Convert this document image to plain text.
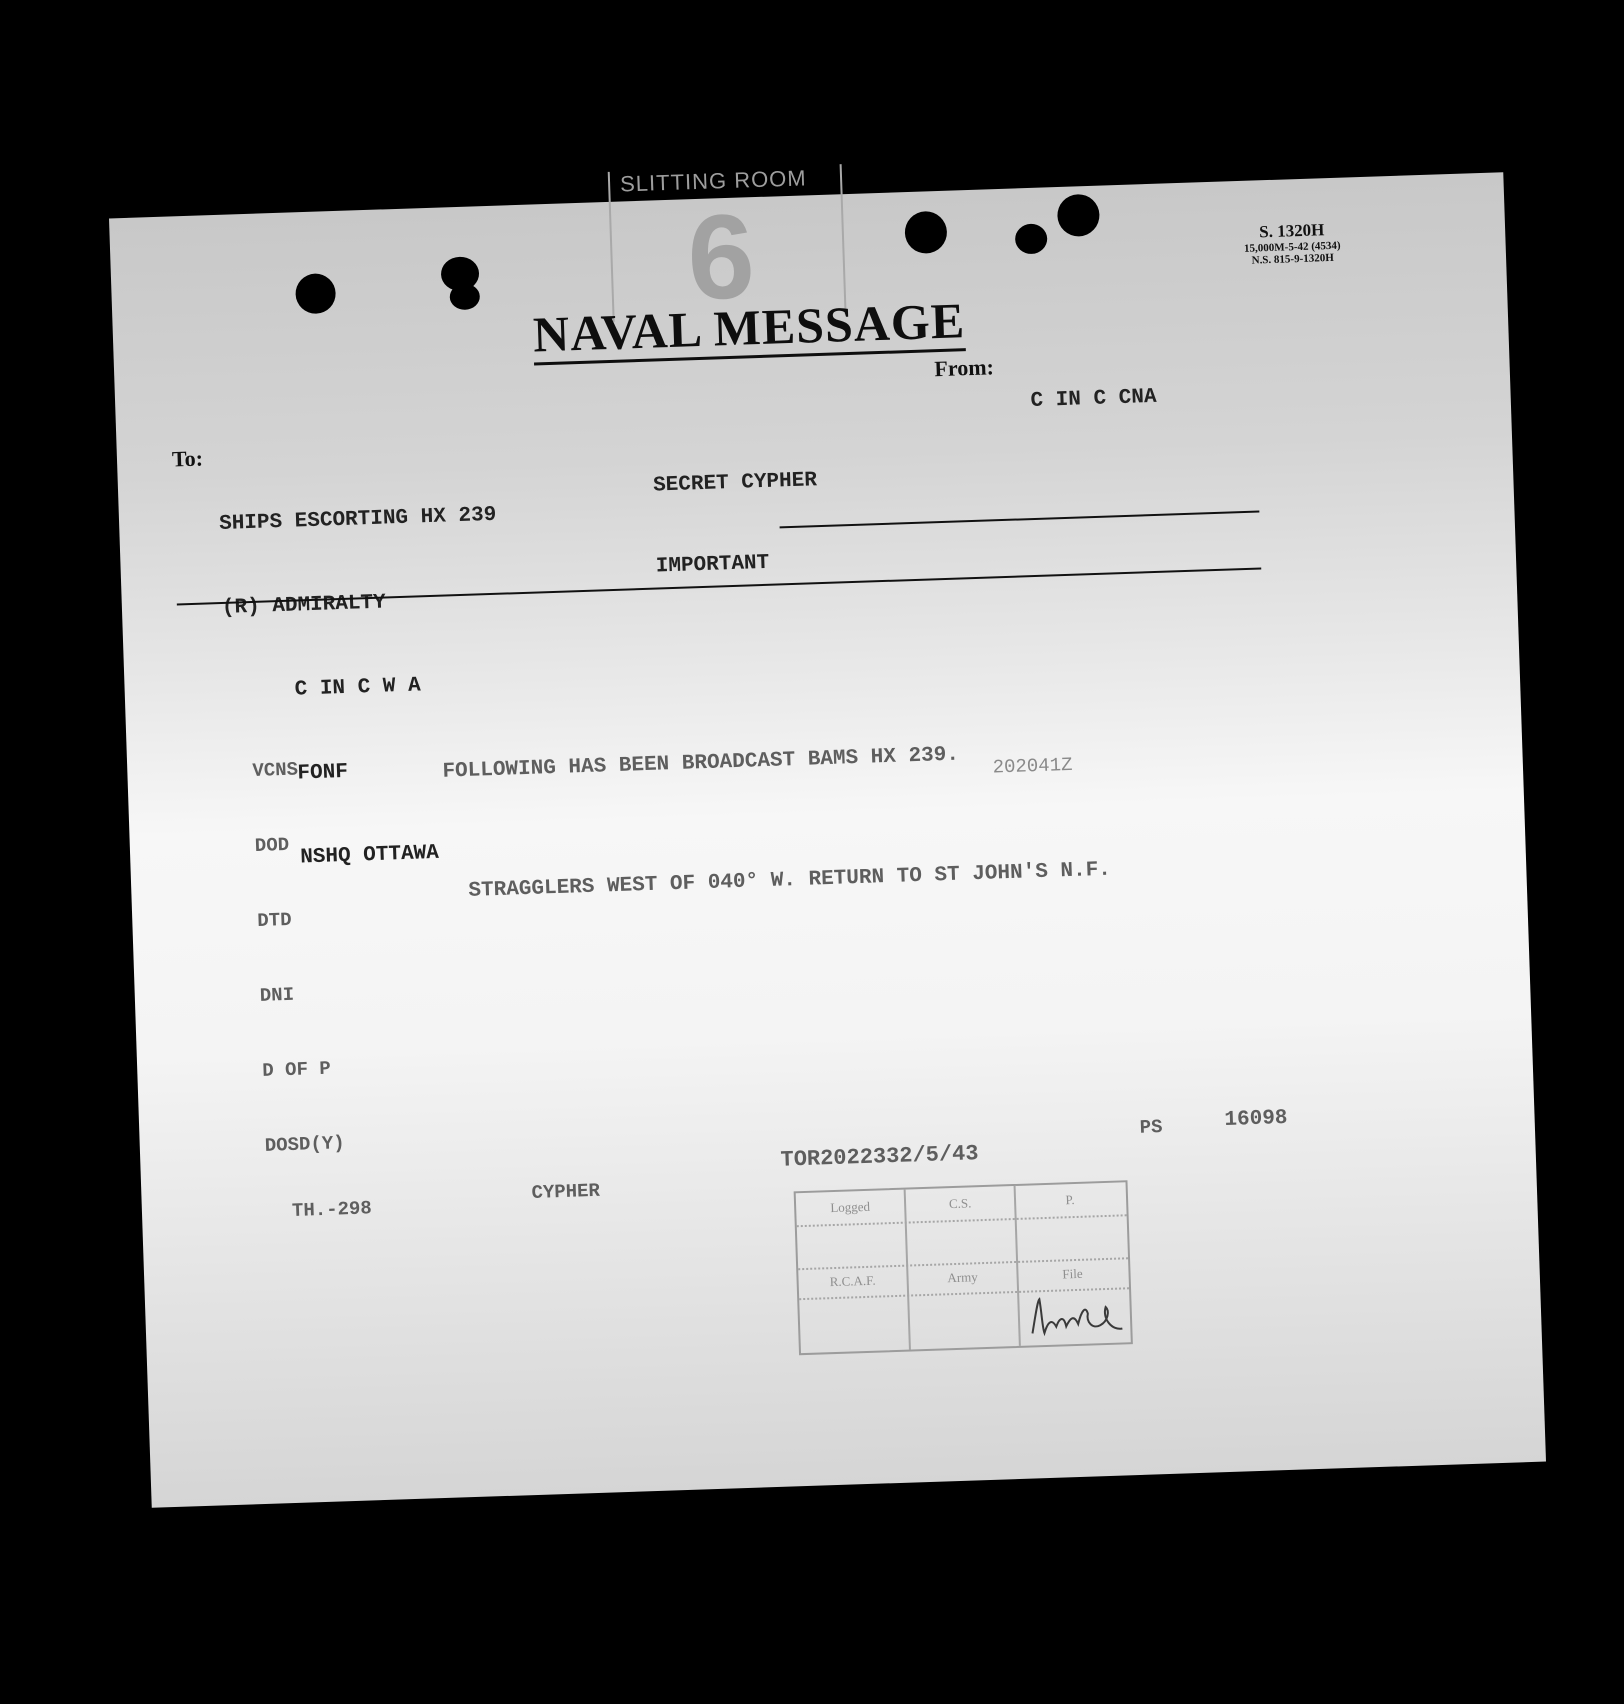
SLITTING ROOM
6	S. 1320H
15,000M-5-42 (4534)
N.S. 815-9-1320H
NAVAL MESSAGE
From:
To:
C IN C CNA

SECRET CYPHER

IMPORTANT

SHIPS ESCORTING HX 239

(R) ADMIRALTY

C IN C W A

FONF

NSHQ OTTAWA

VCNS

DOD

DTD

DNI

D OF P

DOSD(Y)

FOLLOWING HAS BEEN BROADCAST BAMS HX 239.

STRAGGLERS WEST OF 040° W. RETURN TO ST JOHN'S N.F.

202041Z
TH.-298
CYPHER
TOR2022332/5/43
PS	16098
Logged	C.S.	P.
R.C.A.F.	Army	File
